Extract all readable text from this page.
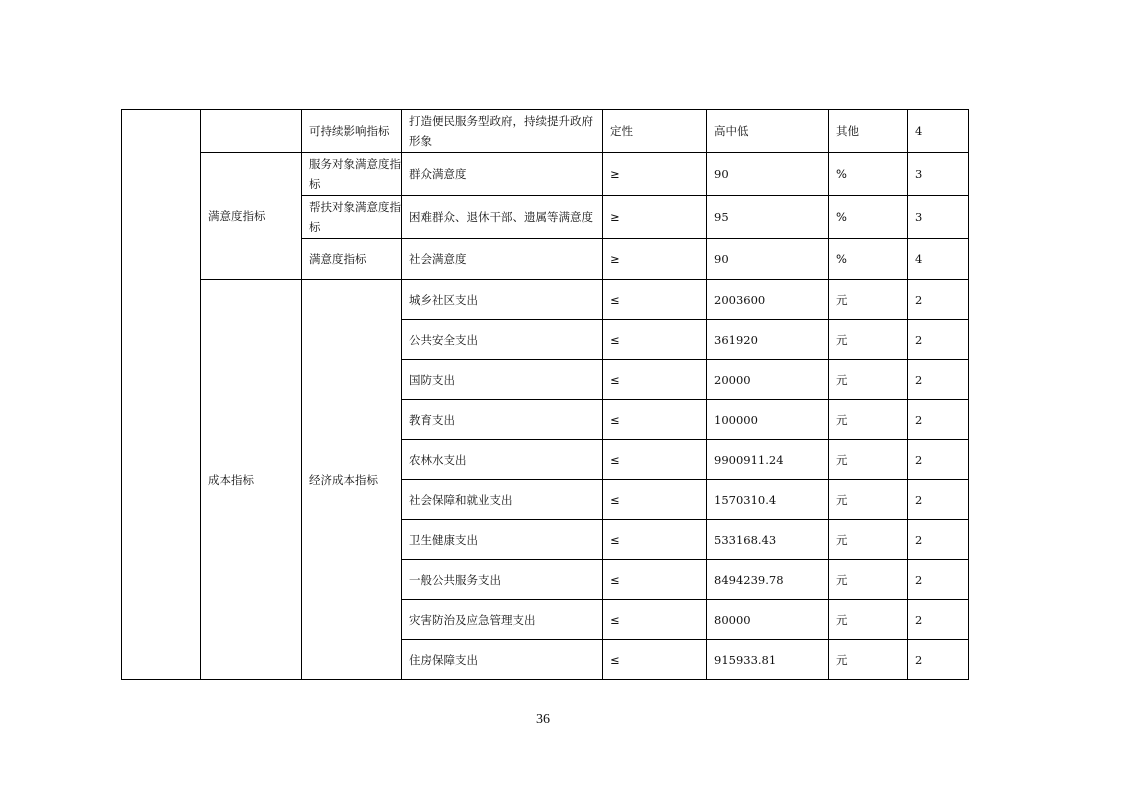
		可持续影响指标	打造便民服务型政府，持续提升政府形象	定性	高中低	其他	4
	满意度指标	服务对象满意度指标	群众满意度	≥	90	%	3
		帮扶对象满意度指标	困难群众、退休干部、遗属等满意度	≥	95	%	3
		满意度指标	社会满意度	≥	90	%	4
	成本指标	经济成本指标	城乡社区支出	≤	2003600	元	2
			公共安全支出	≤	361920	元	2
			国防支出	≤	20000	元	2
			教育支出	≤	100000	元	2
			农林水支出	≤	9900911.24	元	2
			社会保障和就业支出	≤	1570310.4	元	2
			卫生健康支出	≤	533168.43	元	2
			一般公共服务支出	≤	8494239.78	元	2
			灾害防治及应急管理支出	≤	80000	元	2
			住房保障支出	≤	915933.81	元	2
36
